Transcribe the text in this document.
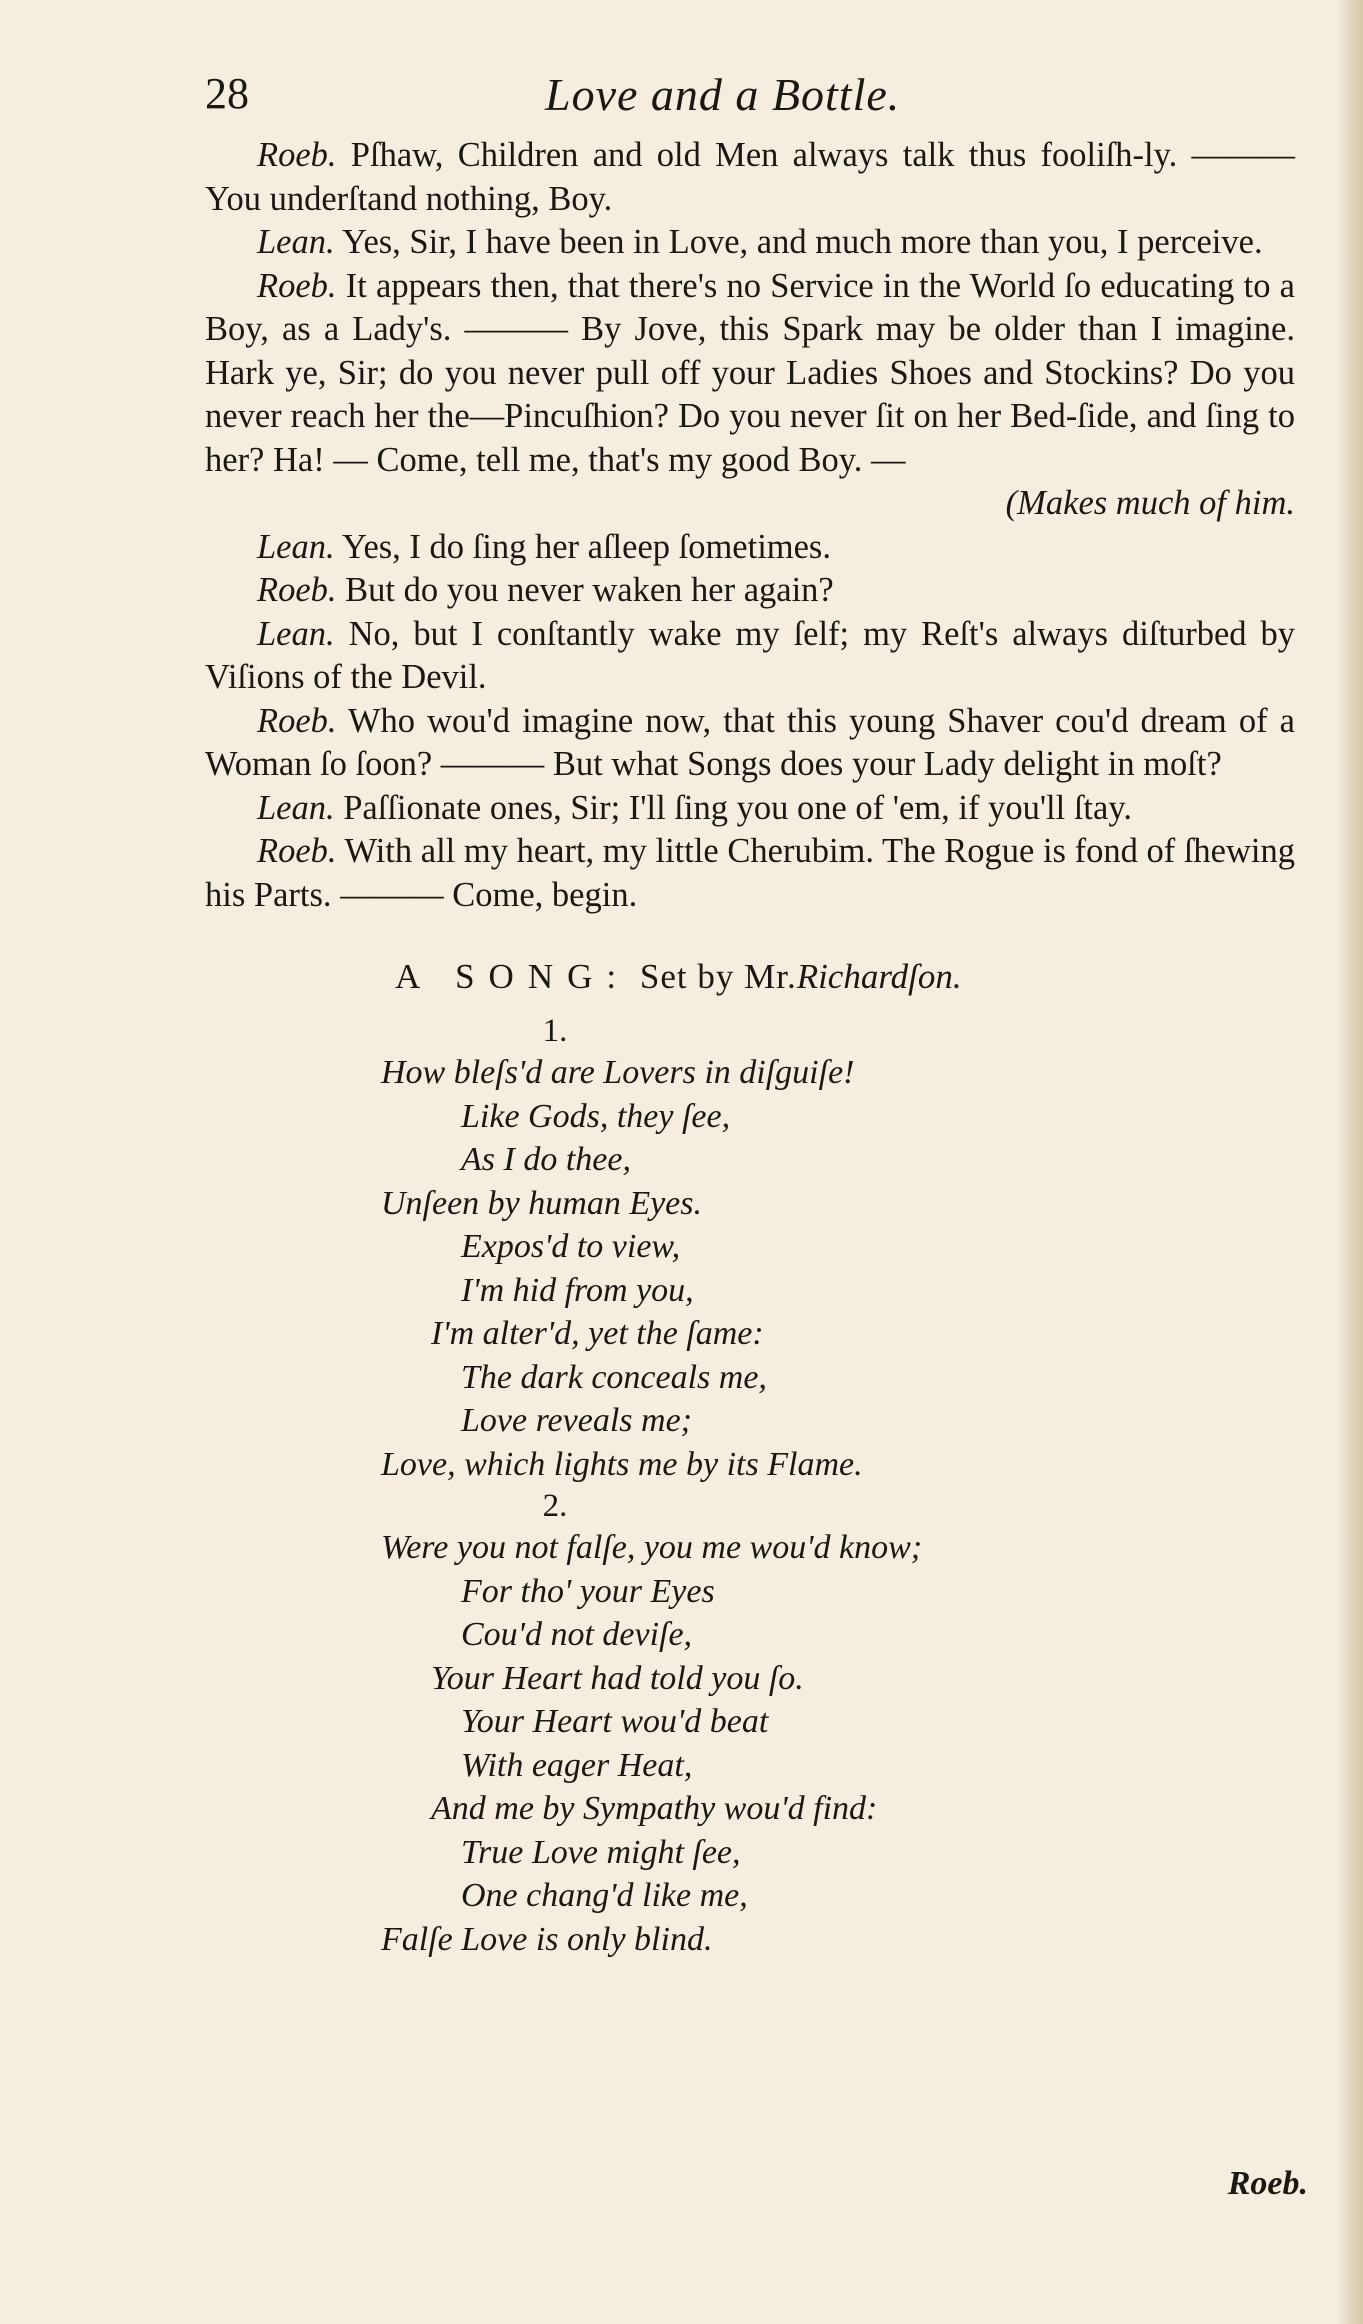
28	Love and a Bottle.
Roeb. Pſhaw, Children and old Men always talk thus fooliſh-ly. ——— You underſtand nothing, Boy.
Lean. Yes, Sir, I have been in Love, and much more than you, I perceive.
Roeb. It appears then, that there's no Service in the World ſo educating to a Boy, as a Lady's. ——— By Jove, this Spark may be older than I imagine. Hark ye, Sir; do you never pull off your Ladies Shoes and Stockins? Do you never reach her the—Pincuſhion? Do you never ſit on her Bed-ſide, and ſing to her? Ha! — Come, tell me, that's my good Boy. —
(Makes much of him.
Lean. Yes, I do ſing her aſleep ſometimes.
Roeb. But do you never waken her again?
Lean. No, but I conſtantly wake my ſelf; my Reſt's always diſturbed by Viſions of the Devil.
Roeb. Who wou'd imagine now, that this young Shaver cou'd dream of a Woman ſo ſoon? ——— But what Songs does your Lady delight in moſt?
Lean. Paſſionate ones, Sir; I'll ſing you one of 'em, if you'll ſtay.
Roeb. With all my heart, my little Cherubim. The Rogue is fond of ſhewing his Parts. ——— Come, begin.
A SONG: Set by Mr.Richardſon.
1.
How bleſs'd are Lovers in diſguiſe!
Like Gods, they ſee,
As I do thee,
Unſeen by human Eyes.
Expos'd to view,
I'm hid from you,
I'm alter'd, yet the ſame:
The dark conceals me,
Love reveals me;
Love, which lights me by its Flame.
2.
Were you not falſe, you me wou'd know;
For tho' your Eyes
Cou'd not deviſe,
Your Heart had told you ſo.
Your Heart wou'd beat
With eager Heat,
And me by Sympathy wou'd find:
True Love might ſee,
One chang'd like me,
Falſe Love is only blind.
Roeb.
